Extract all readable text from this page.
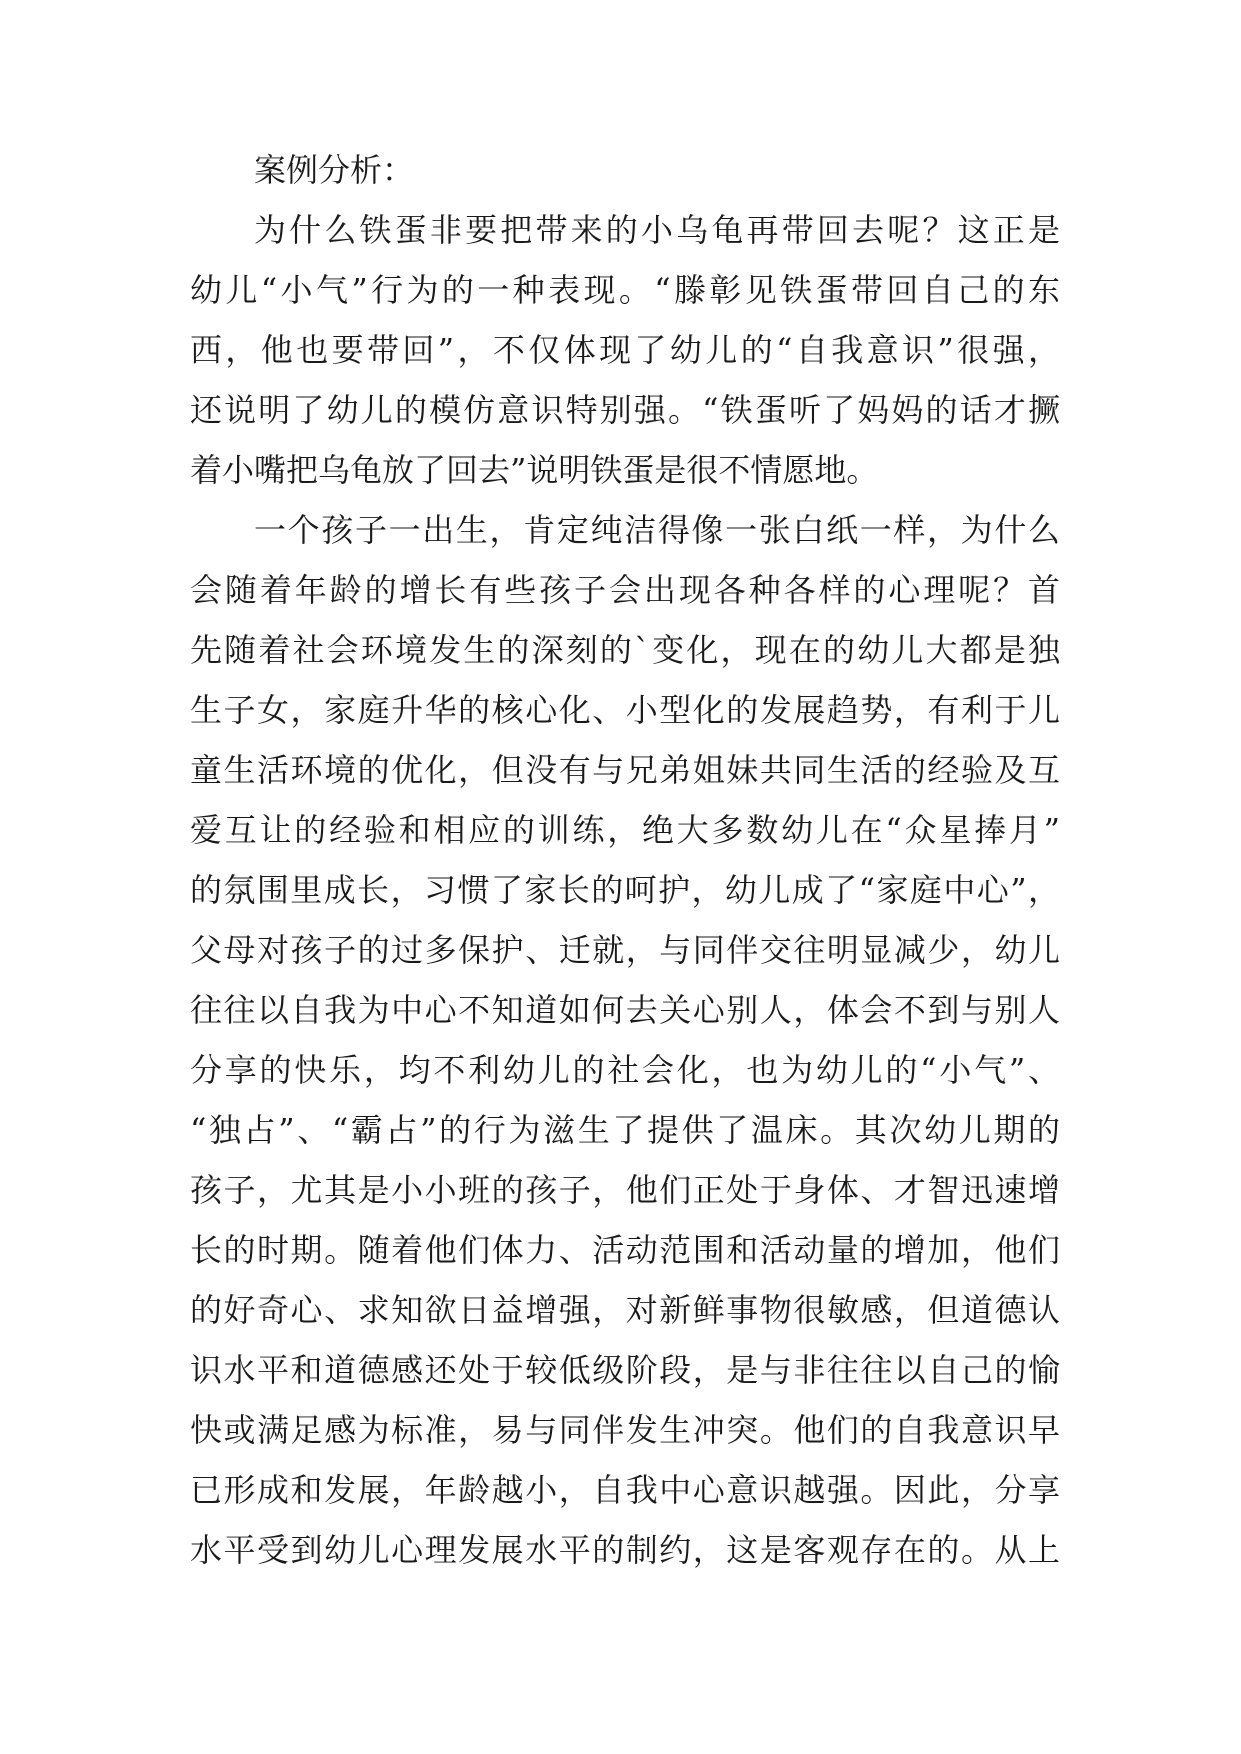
案例分析：
为什么铁蛋非要把带来的小乌龟再带回去呢？这正是
幼儿“小气”行为的一种表现。“滕彰见铁蛋带回自己的东
西，他也要带回”，不仅体现了幼儿的“自我意识”很强，
还说明了幼儿的模仿意识特别强。“铁蛋听了妈妈的话才撅
着小嘴把乌龟放了回去”说明铁蛋是很不情愿地。
一个孩子一出生，肯定纯洁得像一张白纸一样，为什么
会随着年龄的增长有些孩子会出现各种各样的心理呢？首
先随着社会环境发生的深刻的`变化，现在的幼儿大都是独
生子女，家庭升华的核心化、小型化的发展趋势，有利于儿
童生活环境的优化，但没有与兄弟姐妹共同生活的经验及互
爱互让的经验和相应的训练，绝大多数幼儿在“众星捧月”
的氛围里成长，习惯了家长的呵护，幼儿成了“家庭中心”，
父母对孩子的过多保护、迁就，与同伴交往明显减少，幼儿
往往以自我为中心不知道如何去关心别人，体会不到与别人
分享的快乐，均不利幼儿的社会化，也为幼儿的“小气”、
“独占”、“霸占”的行为滋生了提供了温床。其次幼儿期的
孩子，尤其是小小班的孩子，他们正处于身体、才智迅速增
长的时期。随着他们体力、活动范围和活动量的增加，他们
的好奇心、求知欲日益增强，对新鲜事物很敏感，但道德认
识水平和道德感还处于较低级阶段，是与非往往以自己的愉
快或满足感为标准，易与同伴发生冲突。他们的自我意识早
已形成和发展，年龄越小，自我中心意识越强。因此，分享
水平受到幼儿心理发展水平的制约，这是客观存在的。从上
